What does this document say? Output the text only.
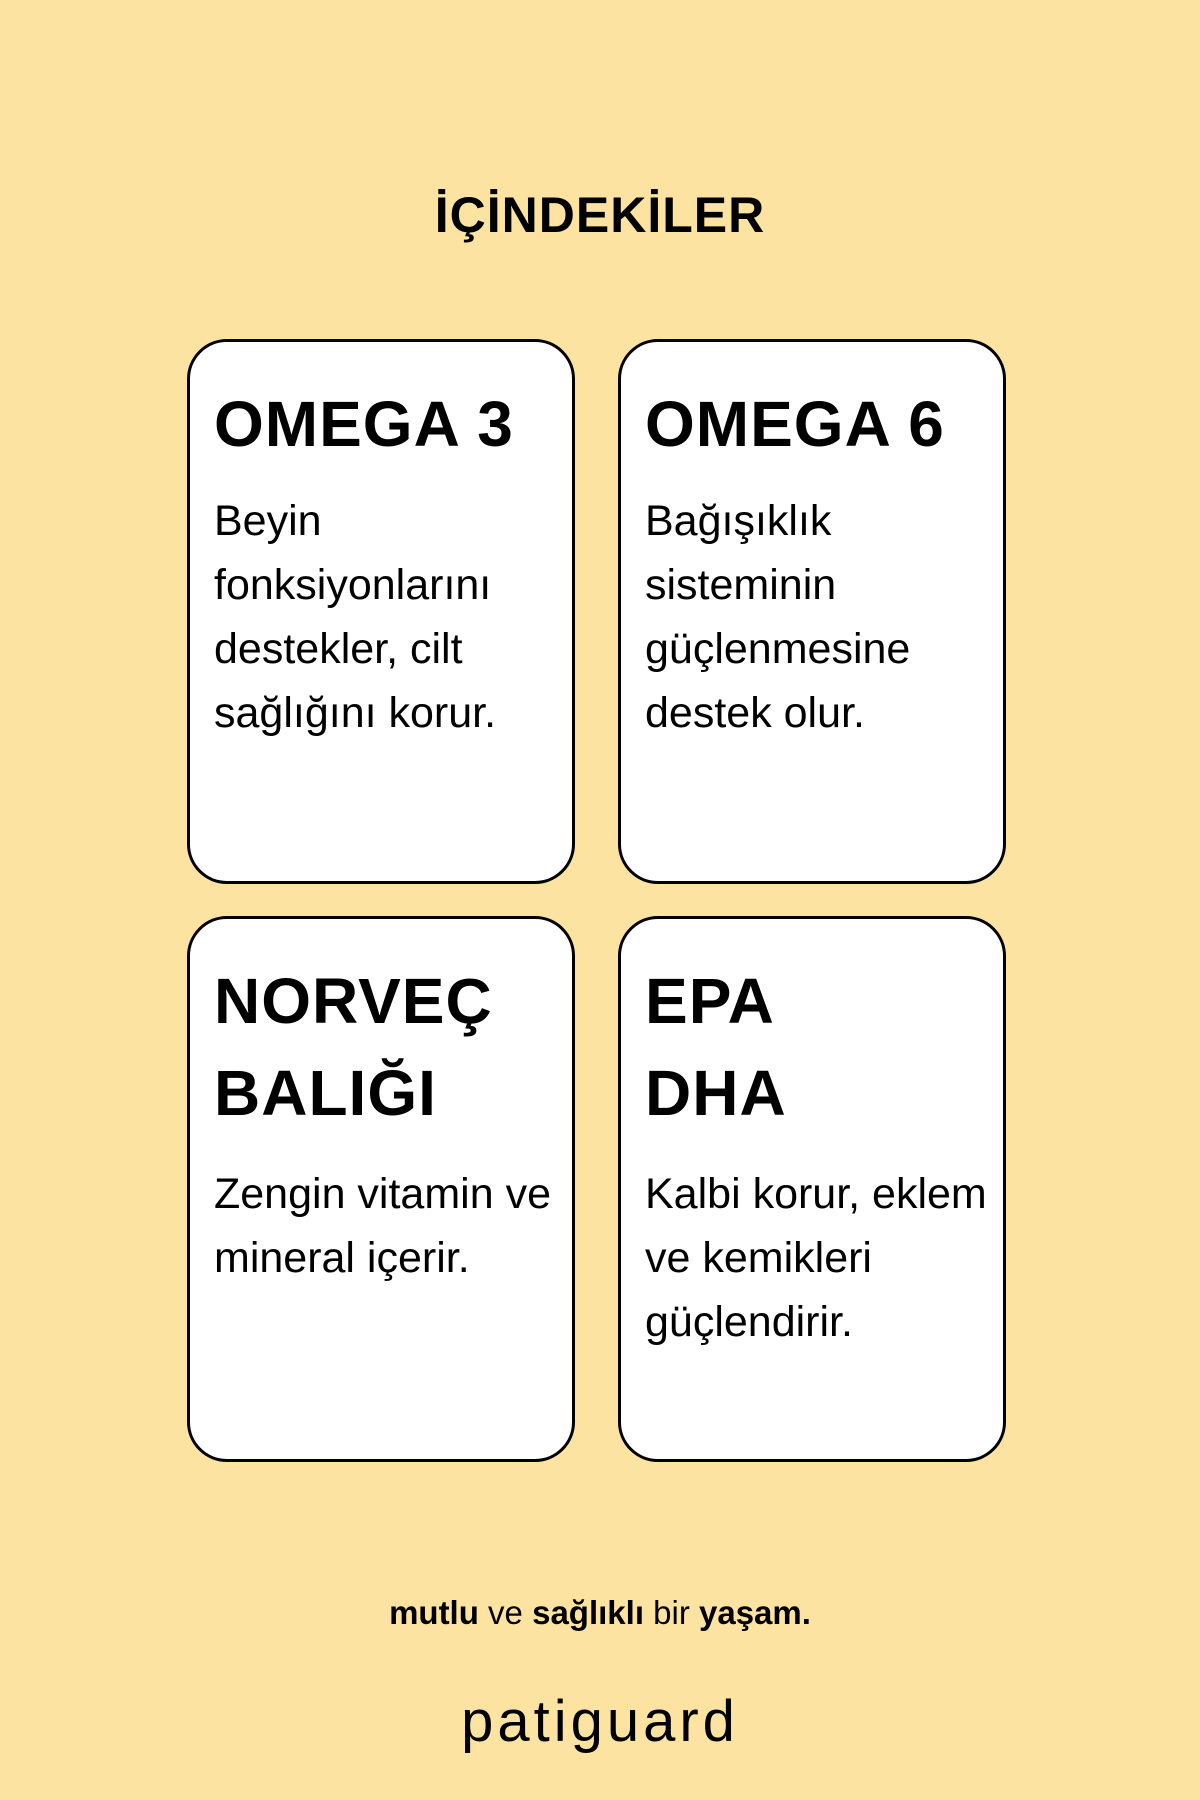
İÇİNDEKİLER
OMEGA 3

Beyin fonksiyonlarını destekler, cilt sağlığını korur.

OMEGA 6

Bağışıklık sisteminin güçlenmesine destek olur.

NORVEÇ BALIĞI

Zengin vitamin ve mineral içerir.

EPA DHA

Kalbi korur, eklem ve kemikleri güçlendirir.

mutlu ve sağlıklı bir yaşam.
patiguard
